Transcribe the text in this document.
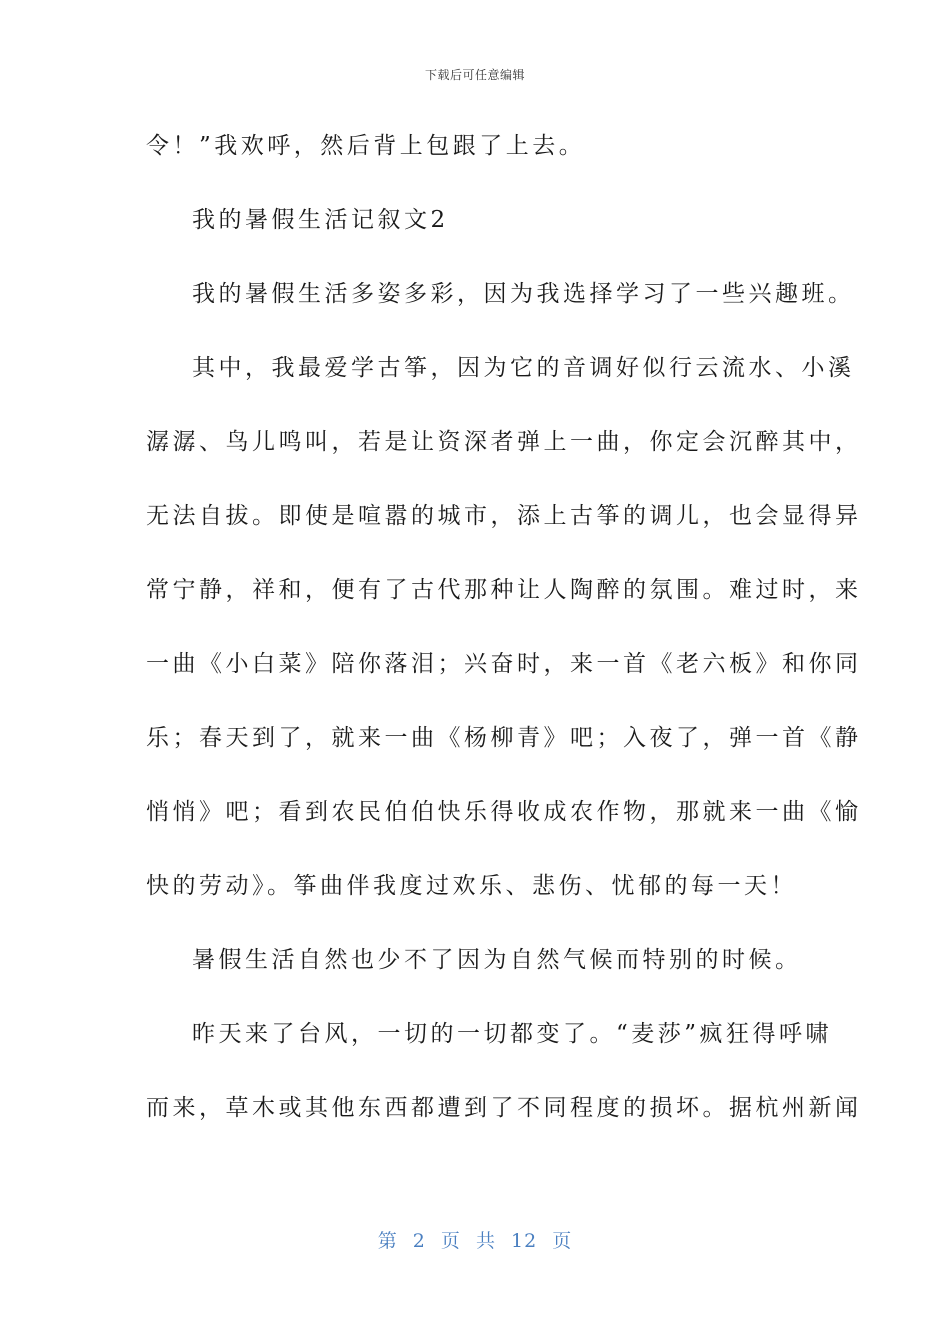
下载后可任意编辑
令！”我欢呼，然后背上包跟了上去。
我的暑假生活记叙文2
我的暑假生活多姿多彩，因为我选择学习了一些兴趣班。
其中，我最爱学古筝，因为它的音调好似行云流水、小溪
潺潺、鸟儿鸣叫，若是让资深者弹上一曲，你定会沉醉其中，
无法自拔。即使是喧嚣的城市，添上古筝的调儿，也会显得异
常宁静，祥和，便有了古代那种让人陶醉的氛围。难过时，来
一曲《小白菜》陪你落泪；兴奋时，来一首《老六板》和你同
乐；春天到了，就来一曲《杨柳青》吧；入夜了，弹一首《静
悄悄》吧；看到农民伯伯快乐得收成农作物，那就来一曲《愉
快的劳动》。筝曲伴我度过欢乐、悲伤、忧郁的每一天！
暑假生活自然也少不了因为自然气候而特别的时候。
昨天来了台风，一切的一切都变了。“麦莎”疯狂得呼啸
而来，草木或其他东西都遭到了不同程度的损坏。据杭州新闻
第 2 页 共 12 页
